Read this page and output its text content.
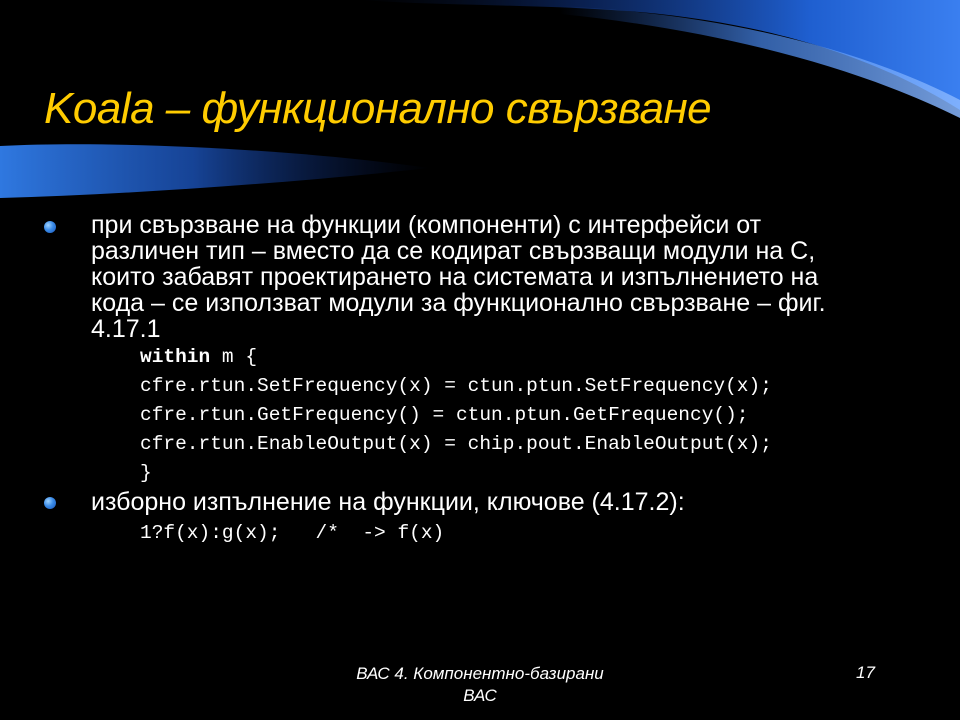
Koala – функционално свързване
при свързване на функции (компоненти) с интерфейси от
различен тип – вместо да се кодират свързващи модули на С,
които забавят проектирането на системата и изпълнението на
кода – се използват модули за функционално свързване – фиг.
4.17.1
within m {
cfre.rtun.SetFrequency(x) = ctun.ptun.SetFrequency(x);
cfre.rtun.GetFrequency() = ctun.ptun.GetFrequency();
cfre.rtun.EnableOutput(x) = chip.pout.EnableOutput(x);
}
изборно изпълнение на функции, ключове (4.17.2):
1?f(x):g(x);   /*  -> f(x)
ВАС 4. Компонентно-базирани
ВАС
17
